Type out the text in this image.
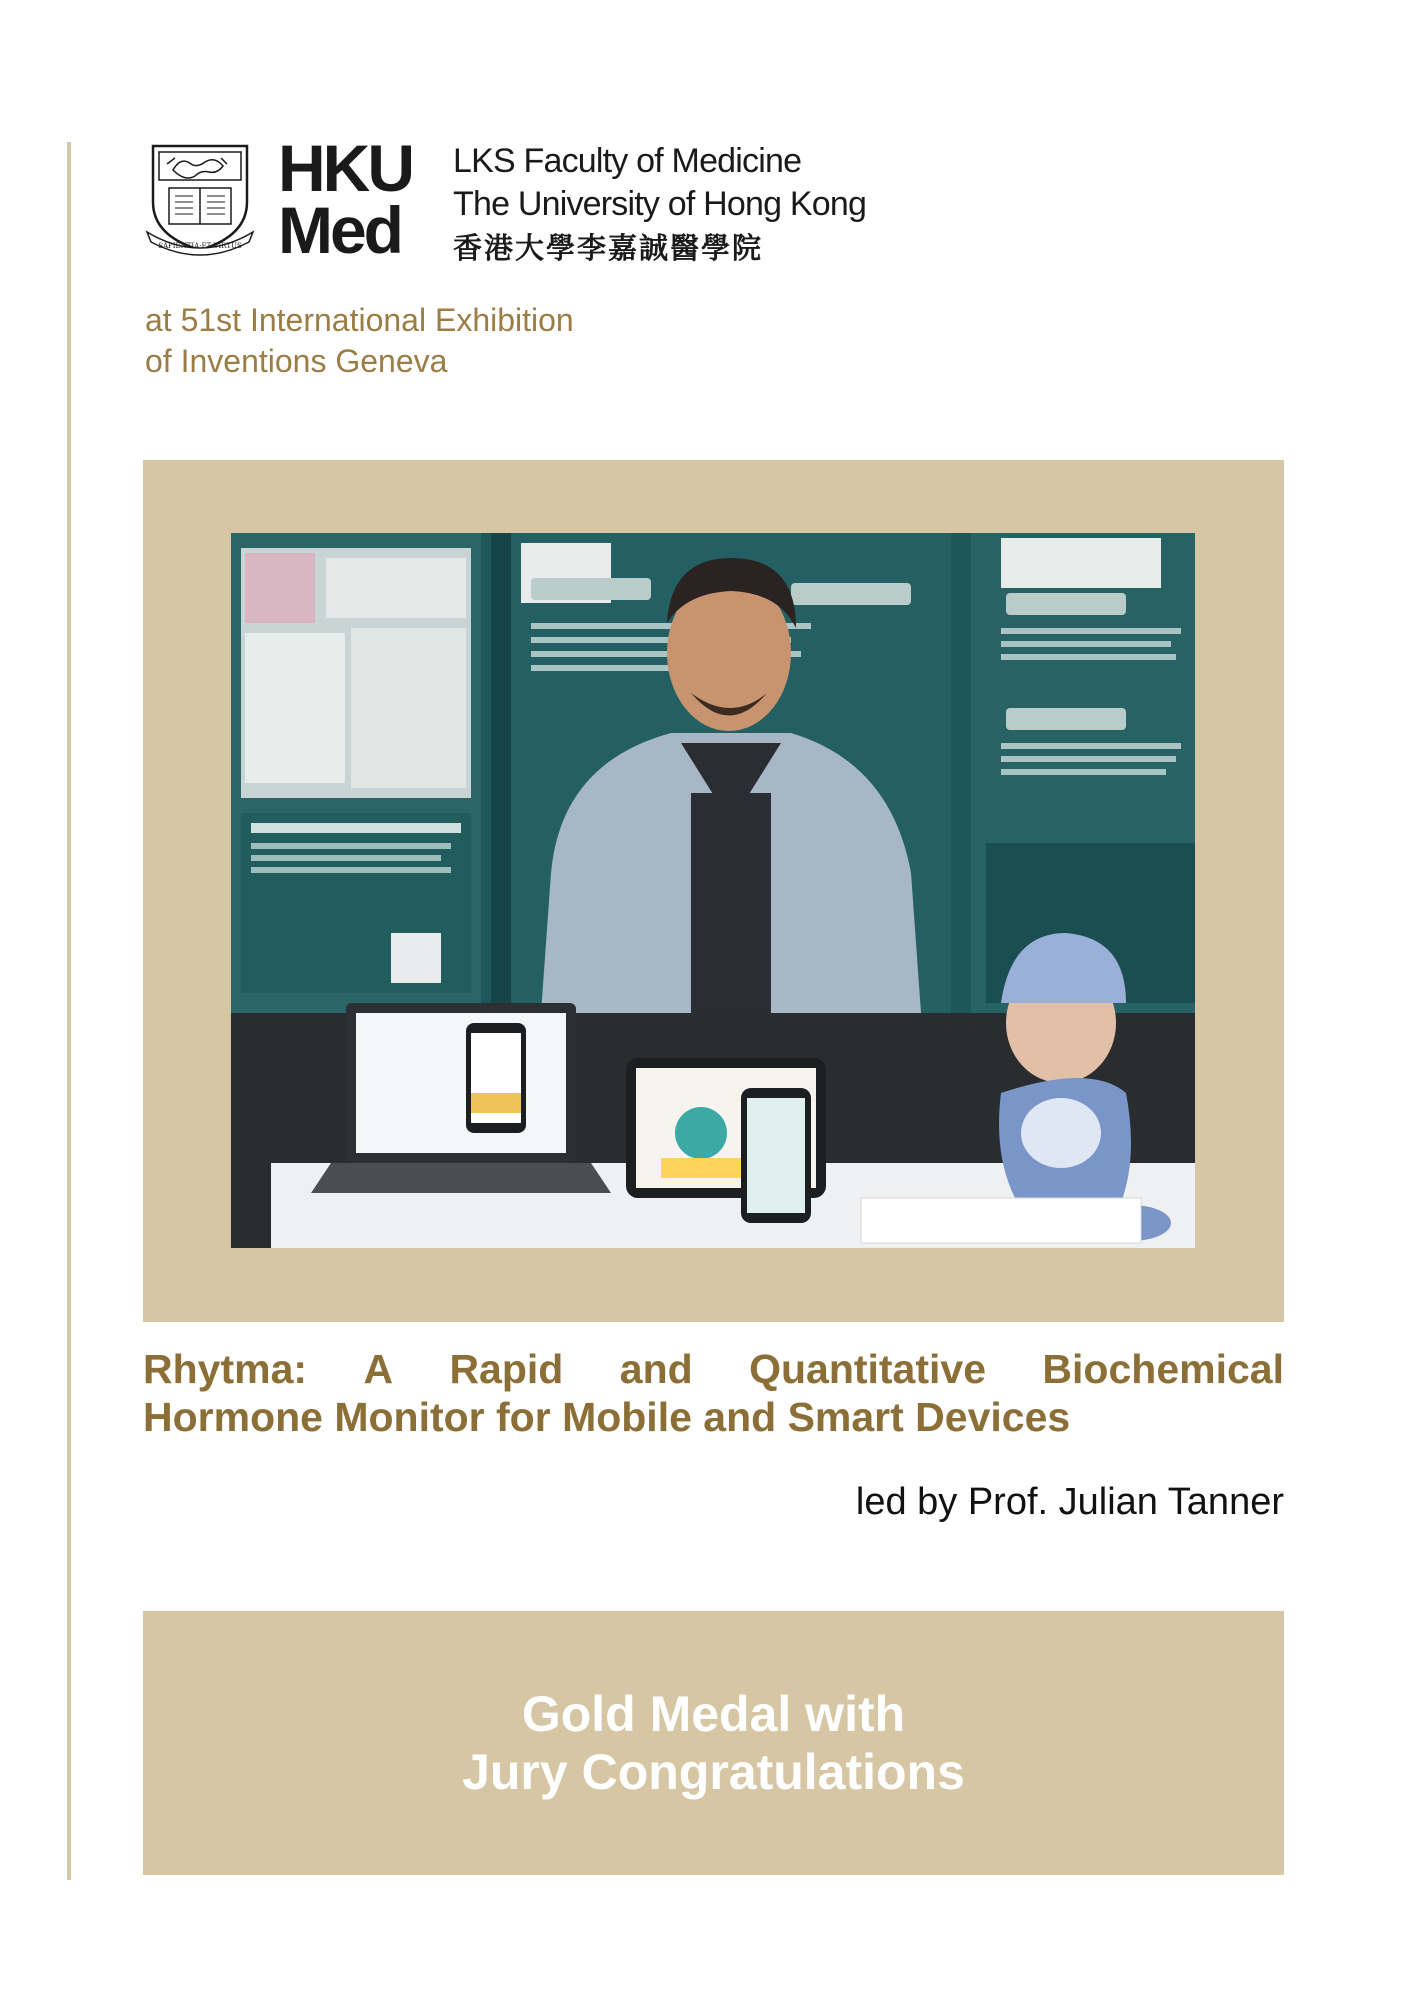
SAPIENTIA·ET·VIRTUS
HKU
Med
LKS Faculty of Medicine
The University of Hong Kong
香港大學李嘉誠醫學院
at 51st International Exhibition
of Inventions Geneva
Rhytma: A Rapid and Quantitative Biochemical
Hormone Monitor for Mobile and Smart Devices
led by Prof. Julian Tanner
Gold Medal with
Jury Congratulations
